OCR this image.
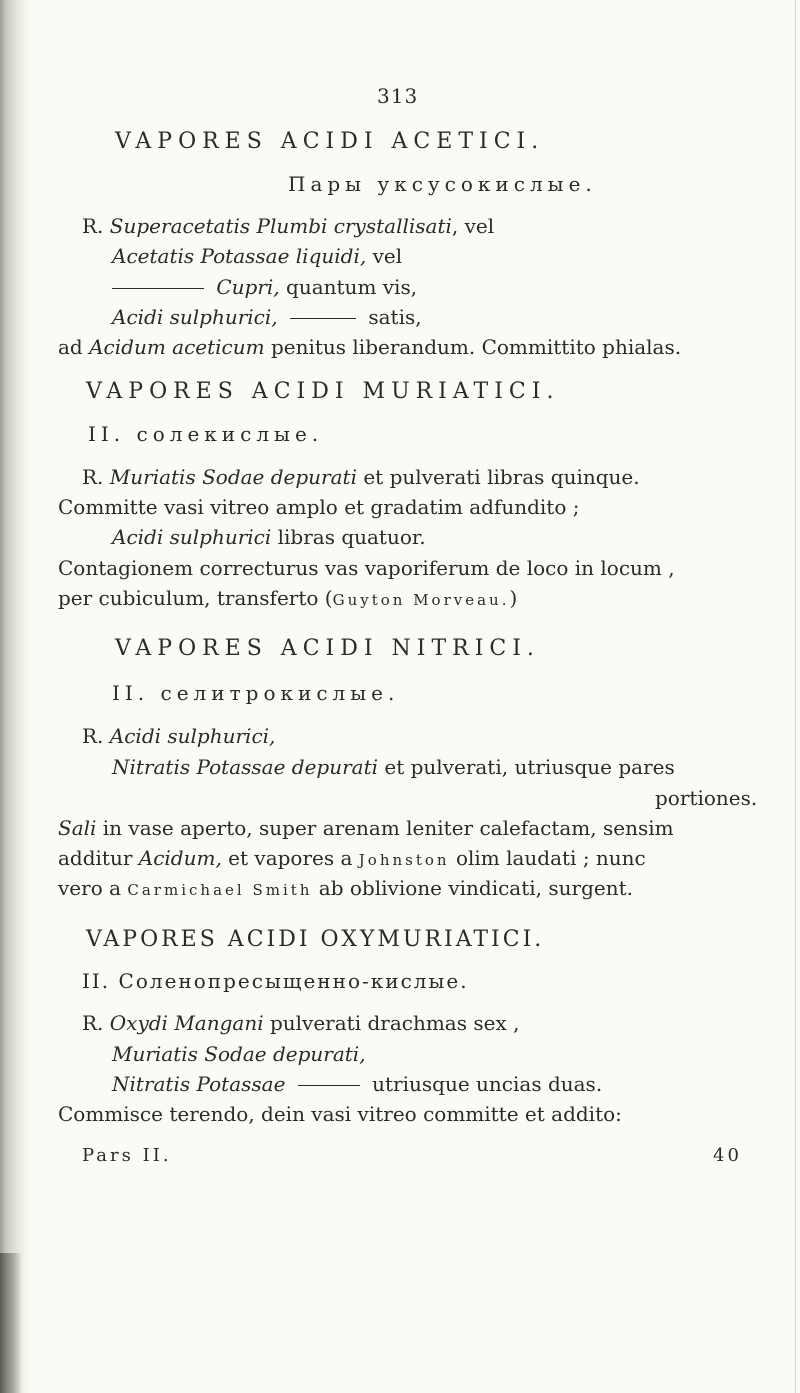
313

VAPORES ACIDI ACETICI.

Пары уксусокислые.

R. Superacetatis Plumbi crystallisati, vel

Acetatis Potassae liquidi, vel

Cupri, quantum vis,

Acidi sulphurici,	satis,

ad Acidum aceticum penitus liberandum. Committito phialas.

VAPORES ACIDI MURIATICI.

II. солекислые.

R. Muriatis Sodae depurati et pulverati libras quinque.

Committe vasi vitreo amplo et gradatim adfundito ;

Acidi sulphurici libras quatuor.

Contagionem correcturus vas vaporiferum de loco in locum ,

per cubiculum, transferto (Guyton Morveau.)

VAPORES ACIDI NITRICI.

II. селитрокислые.

R. Acidi sulphurici,

Nitratis Potassae depurati et pulverati, utriusque pares

portiones.

Sali in vase aperto, super arenam leniter calefactam, sensim

additur Acidum, et vapores a Johnston olim laudati ; nunc

vero a Carmichael Smith ab oblivione vindicati, surgent.

VAPORES ACIDI OXYMURIATICI.

II. Соленопресыщенно-кислые.

R. Oxydi Mangani pulverati drachmas sex ,

Muriatis Sodae depurati,

Nitratis Potassae	utriusque uncias duas.

Commisce terendo, dein vasi vitreo committe et addito:

Pars II.	40
